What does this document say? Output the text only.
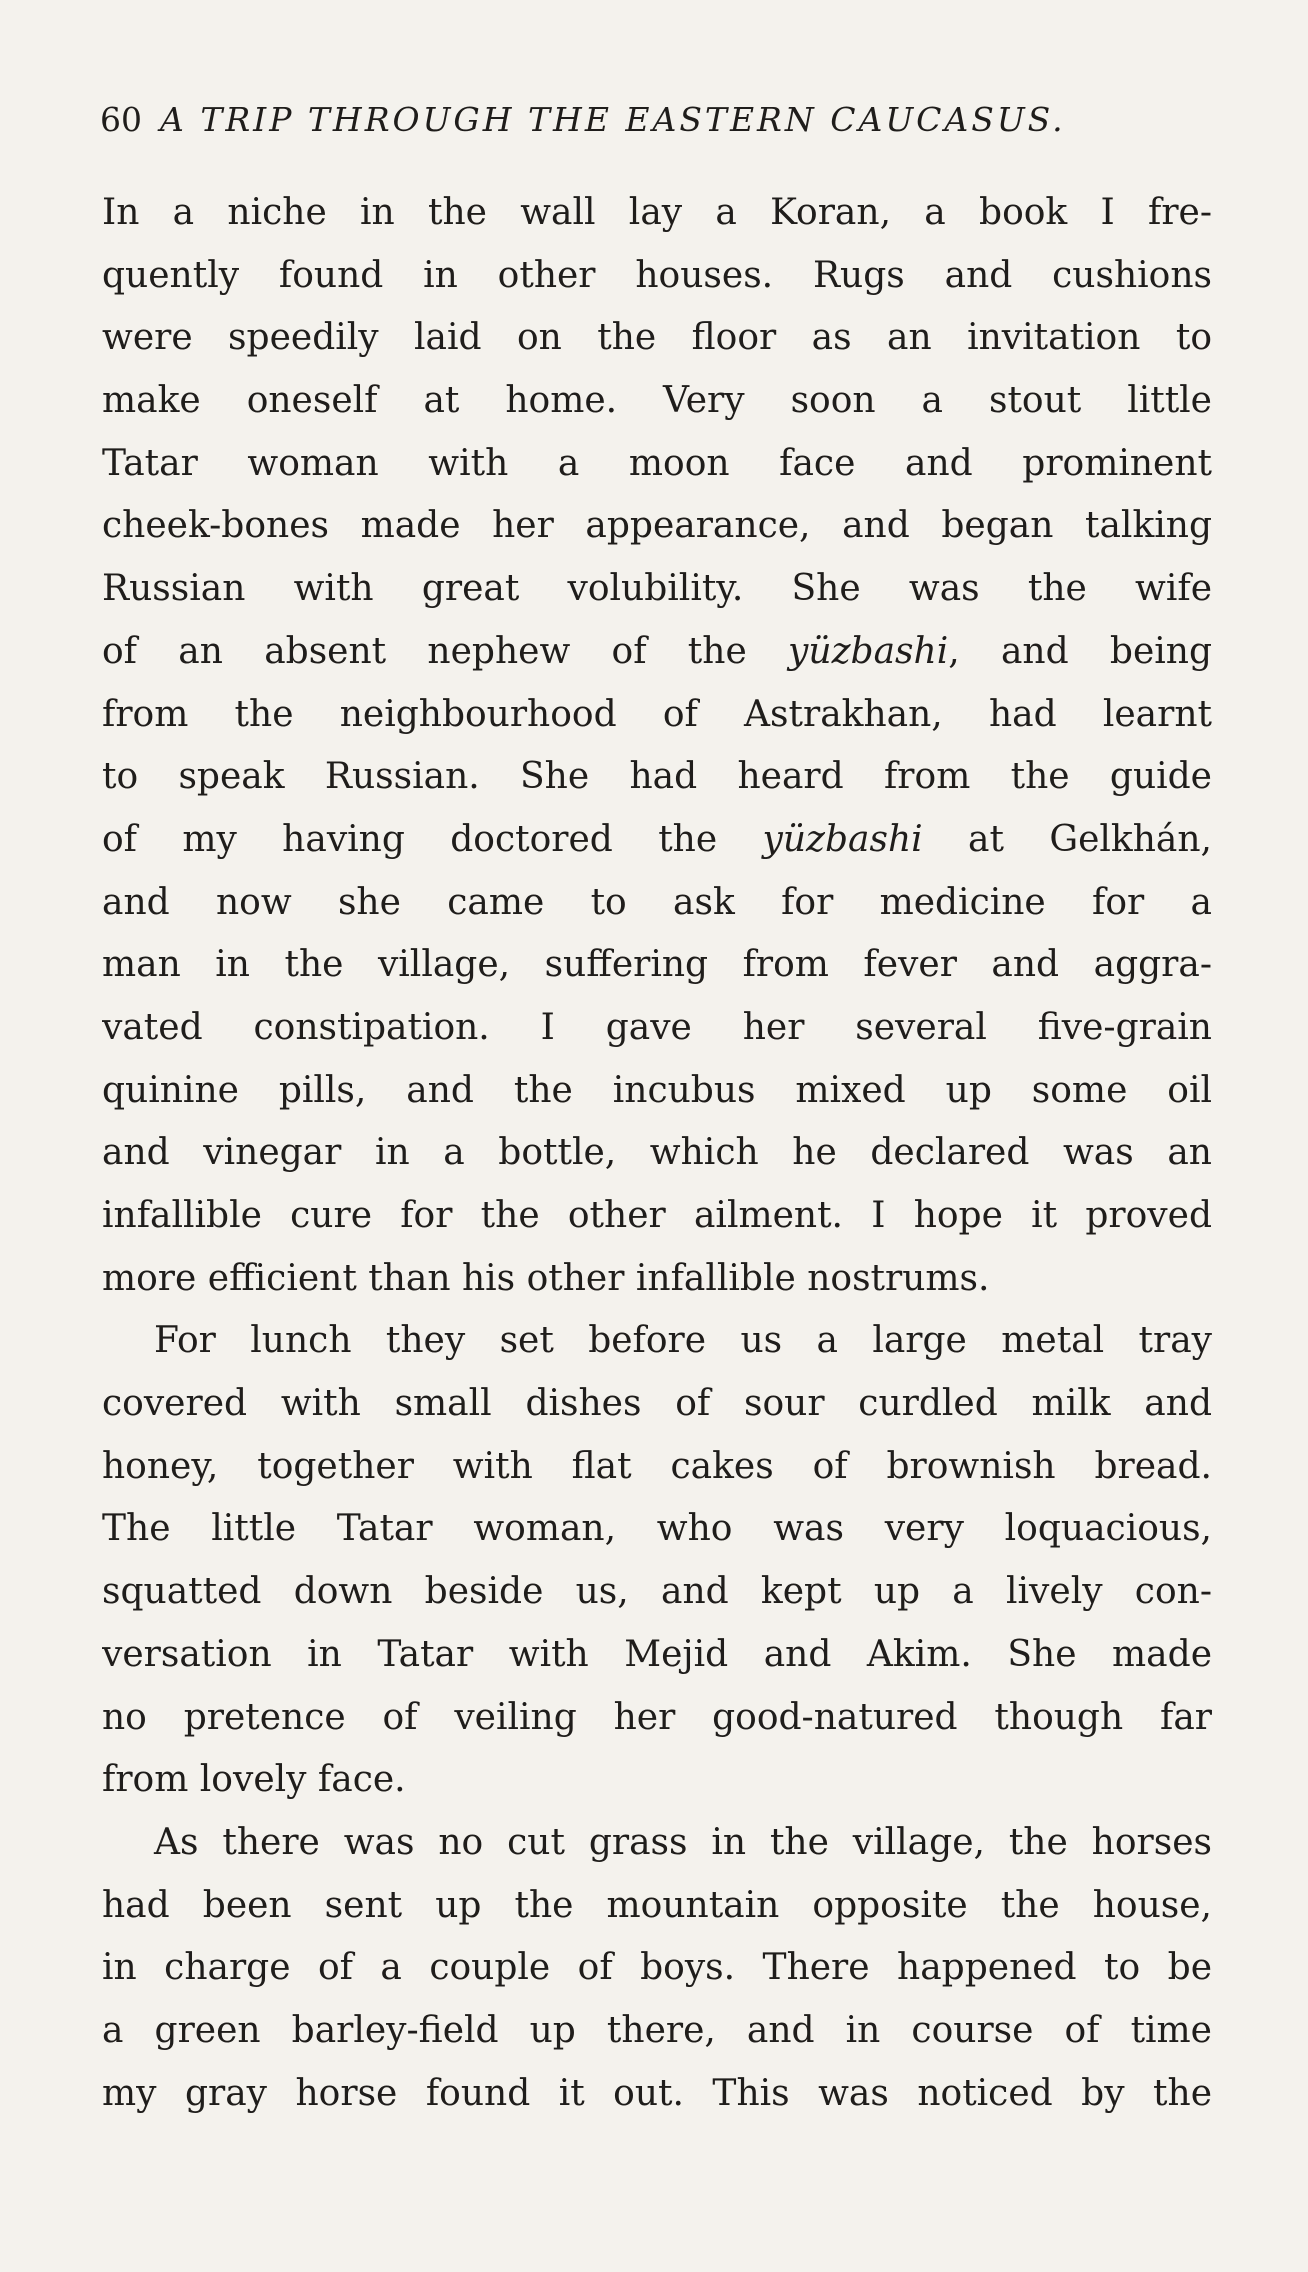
60 A TRIP THROUGH THE EASTERN CAUCASUS.
In a niche in the wall lay a Koran, a book I fre-
quently found in other houses. Rugs and cushions
were speedily laid on the floor as an invitation to
make oneself at home. Very soon a stout little
Tatar woman with a moon face and prominent
cheek-bones made her appearance, and began talking
Russian with great volubility. She was the wife
of an absent nephew of the yüzbashi, and being
from the neighbourhood of Astrakhan, had learnt
to speak Russian. She had heard from the guide
of my having doctored the yüzbashi at Gelkhán,
and now she came to ask for medicine for a
man in the village, suffering from fever and aggra-
vated constipation. I gave her several five-grain
quinine pills, and the incubus mixed up some oil
and vinegar in a bottle, which he declared was an
infallible cure for the other ailment. I hope it proved
more efficient than his other infallible nostrums.
For lunch they set before us a large metal tray
covered with small dishes of sour curdled milk and
honey, together with flat cakes of brownish bread.
The little Tatar woman, who was very loquacious,
squatted down beside us, and kept up a lively con-
versation in Tatar with Mejid and Akim. She made
no pretence of veiling her good-natured though far
from lovely face.
As there was no cut grass in the village, the horses
had been sent up the mountain opposite the house,
in charge of a couple of boys. There happened to be
a green barley-field up there, and in course of time
my gray horse found it out. This was noticed by the
